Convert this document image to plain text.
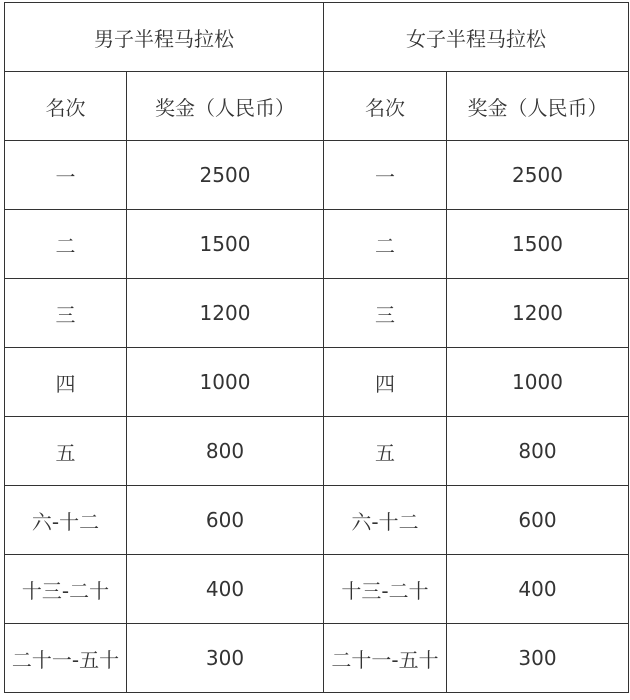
男子半程马拉松		女子半程马拉松	
名次	奖金（人民币）	名次	奖金（人民币）
一	2500	一	2500
二	1500	二	1500
三	1200	三	1200
四	1000	四	1000
五	800	五	800
六-十二	600	六-十二	600
十三-二十	400	十三-二十	400
二十一-五十	300	二十一-五十	300
